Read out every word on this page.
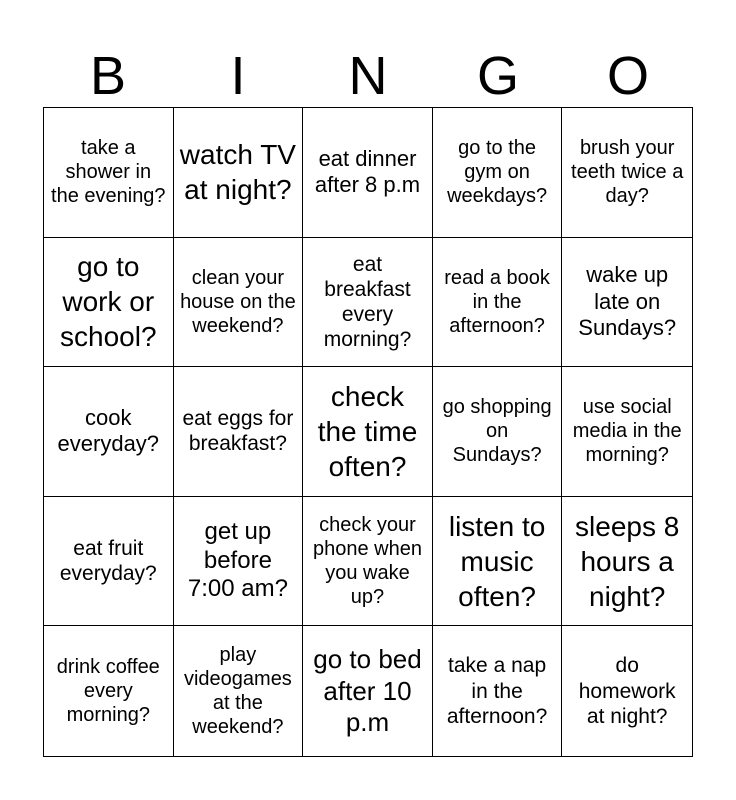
B	I	N	G	O
take a shower in the evening?
watch TV at night?
eat dinner after 8 p.m
go to the gym on weekdays?
brush your teeth twice a day?
go to work or school?
clean your house on the weekend?
eat breakfast every morning?
read a book in the afternoon?
wake up late on Sundays?
cook everyday?
eat eggs for breakfast?
check the time often?
go shopping on Sundays?
use social media in the morning?
eat fruit everyday?
get up before 7:00 am?
check your phone when you wake up?
listen to music often?
sleeps 8 hours a night?
drink coffee every morning?
play videogames at the weekend?
go to bed after 10 p.m
take a nap in the afternoon?
do homework at night?
